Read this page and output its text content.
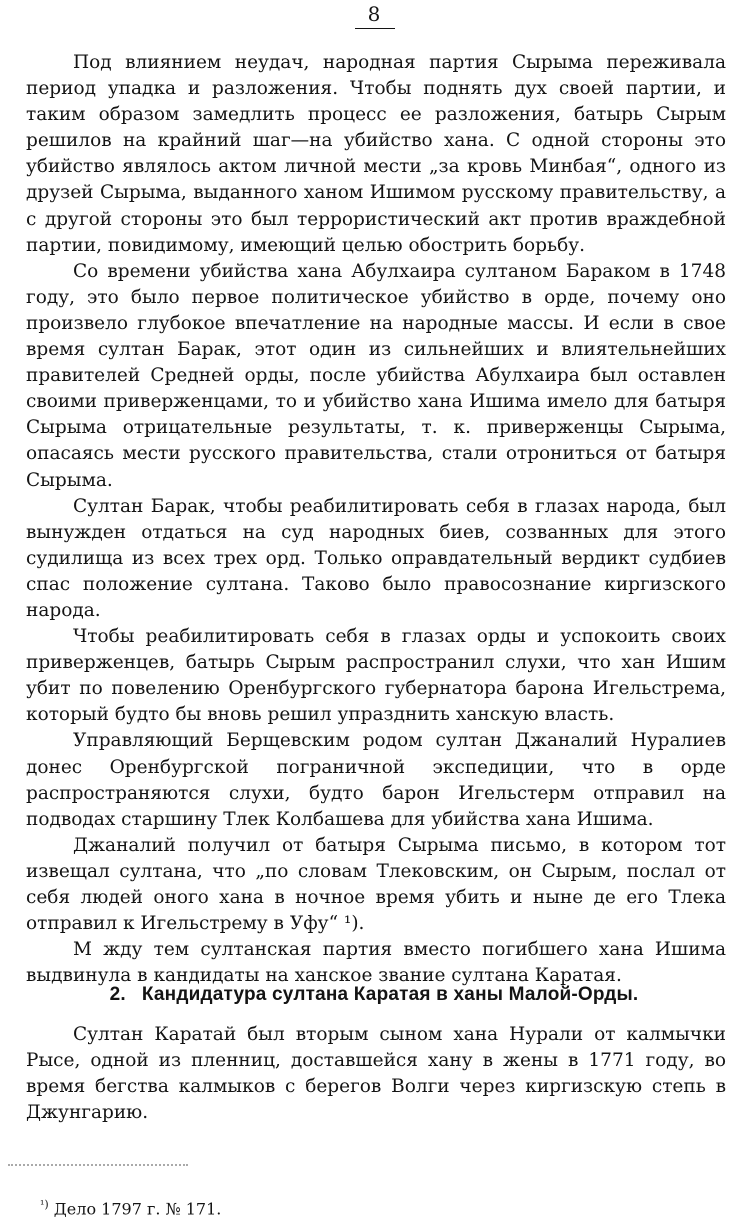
8

Под влиянием неудач, народная партия Сырыма переживала период упадка и разложения. Чтобы поднять дух своей партии, и таким образом замедлить процесс ее разложения, батырь Сырым решилов на крайний шаг—на убийство хана. С одной стороны это убийство являлось актом личной мести „за кровь Минбая“, одного из друзей Сырыма, выданного ханом Ишимом русскому правительству, а с другой стороны это был террористический акт против враждебной партии, повидимому, имеющий целью обострить борьбу.

Со времени убийства хана Абулхаира султаном Бараком в 1748 году, это было первое политическое убийство в орде, почему оно произвело глубокое впечатление на народные массы. И если в свое время султан Барак, этот один из сильнейших и влиятельнейших правителей Средней орды, после убийства Абулхаира был оставлен своими приверженцами, то и убийство хана Ишима имело для батыря Сырыма отрицательные результаты, т. к. приверженцы Сырыма, опасаясь мести русского правительства, стали отрониться от батыря Сырыма.

Султан Барак, чтобы реабилитировать себя в глазах народа, был вынужден отдаться на суд народных биев, созванных для этого судилища из всех трех орд. Только оправдательный вердикт судбиев спас положение султана. Таково было правосознание киргизского народа.

Чтобы реабилитировать себя в глазах орды и успокоить своих приверженцев, батырь Сырым распространил слухи, что хан Ишим убит по повелению Оренбургского губернатора барона Игельстрема, который будто бы вновь решил упразднить ханскую власть.

Управляющий Берщевским родом султан Джаналий Нуралиев донес Оренбургской пограничной экспедиции, что в орде распространяются слухи, будто барон Игельстерм отправил на подводах старшину Тлек Колбашева для убийства хана Ишима.

Джаналий получил от батыря Сырыма письмо, в котором тот извещал султана, что „по словам Тлековским, он Сырым, послал от себя людей оного хана в ночное время убить и ныне де его Тлека отправил к Игельстрему в Уфу“ ¹).

М жду тем султанская партия вместо погибшего хана Ишима выдвинула в кандидаты на ханское звание султана Каратая.

2. Кандидатура султана Каратая в ханы Малой-Орды.

Султан Каратай был вторым сыном хана Нурали от калмычки Рысе, одной из пленниц, доставшейся хану в жены в 1771 году, во время бегства калмыков с берегов Волги через киргизскую степь в Джунгарию.

$^{^1)}$ Дело 1797 г. № 171.
